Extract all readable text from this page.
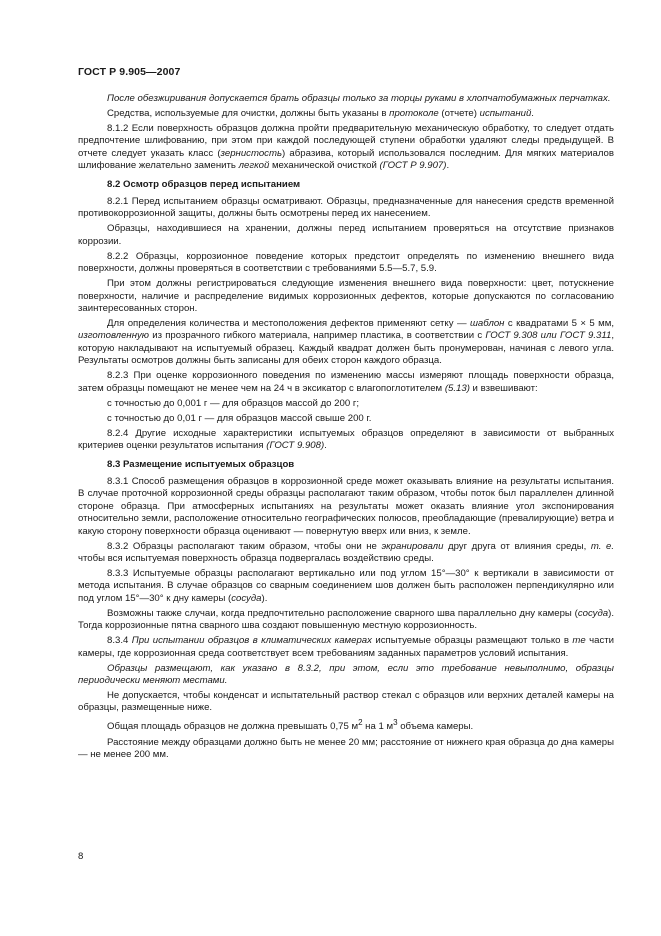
ГОСТ Р 9.905—2007

После обезжиривания допускается брать образцы только за торцы руками в хлопчатобумажных перчатках.

Средства, используемые для очистки, должны быть указаны в протоколе (отчете) испытаний.

8.1.2 Если поверхность образцов должна пройти предварительную механическую обработку, то следует отдать предпочтение шлифованию, при этом при каждой последующей ступени обработки удаляют следы предыдущей. В отчете следует указать класс (зернистость) абразива, который использовался последним. Для мягких материалов шлифование желательно заменить легкой механической очисткой (ГОСТ Р 9.907).

8.2 Осмотр образцов перед испытанием

8.2.1 Перед испытанием образцы осматривают. Образцы, предназначенные для нанесения средств временной противокоррозионной защиты, должны быть осмотрены перед их нанесением.

Образцы, находившиеся на хранении, должны перед испытанием проверяться на отсутствие признаков коррозии.

8.2.2 Образцы, коррозионное поведение которых предстоит определять по изменению внешнего вида поверхности, должны проверяться в соответствии с требованиями 5.5—5.7, 5.9.

При этом должны регистрироваться следующие изменения внешнего вида поверхности: цвет, потускнение поверхности, наличие и распределение видимых коррозионных дефектов, которые допускаются по согласованию заинтересованных сторон.

Для определения количества и местоположения дефектов применяют сетку — шаблон с квадратами 5 × 5 мм, изготовленную из прозрачного гибкого материала, например пластика, в соответствии с ГОСТ 9.308 или ГОСТ 9.311, которую накладывают на испытуемый образец. Каждый квадрат должен быть пронумерован, начиная с левого угла. Результаты осмотров должны быть записаны для обеих сторон каждого образца.

8.2.3 При оценке коррозионного поведения по изменению массы измеряют площадь поверхности образца, затем образцы помещают не менее чем на 24 ч в эксикатор с влагопоглотителем (5.13) и взвешивают:

с точностью до 0,001 г — для образцов массой до 200 г;

с точностью до 0,01 г — для образцов массой свыше 200 г.

8.2.4 Другие исходные характеристики испытуемых образцов определяют в зависимости от выбранных критериев оценки результатов испытания (ГОСТ 9.908).

8.3 Размещение испытуемых образцов

8.3.1 Способ размещения образцов в коррозионной среде может оказывать влияние на результаты испытания. В случае проточной коррозионной среды образцы располагают таким образом, чтобы поток был параллелен длинной стороне образца. При атмосферных испытаниях на результаты может оказать влияние угол экспонирования относительно земли, расположение относительно географических полюсов, преобладающие (превалирующие) ветра и какую сторону поверхности образца оценивают — повернутую вверх или вниз, к земле.

8.3.2 Образцы располагают таким образом, чтобы они не экранировали друг друга от влияния среды, т. е. чтобы вся испытуемая поверхность образца подвергалась воздействию среды.

8.3.3 Испытуемые образцы располагают вертикально или под углом 15°—30° к вертикали в зависимости от метода испытания. В случае образцов со сварным соединением шов должен быть расположен перпендикулярно или под углом 15°—30° к дну камеры (сосуда).

Возможны также случаи, когда предпочтительно расположение сварного шва параллельно дну камеры (сосуда). Тогда коррозионные пятна сварного шва создают повышенную местную коррозионность.

8.3.4 При испытании образцов в климатических камерах испытуемые образцы размещают только в те части камеры, где коррозионная среда соответствует всем требованиям заданных параметров условий испытания.

Образцы размещают, как указано в 8.3.2, при этом, если это требование невыполнимо, образцы периодически меняют местами.

Не допускается, чтобы конденсат и испытательный раствор стекал с образцов или верхних деталей камеры на образцы, размещенные ниже.

Общая площадь образцов не должна превышать 0,75 $м^2$ на 1 $м^3$ объема камеры.

Расстояние между образцами должно быть не менее 20 мм; расстояние от нижнего края образца до дна камеры — не менее 200 мм.

8
